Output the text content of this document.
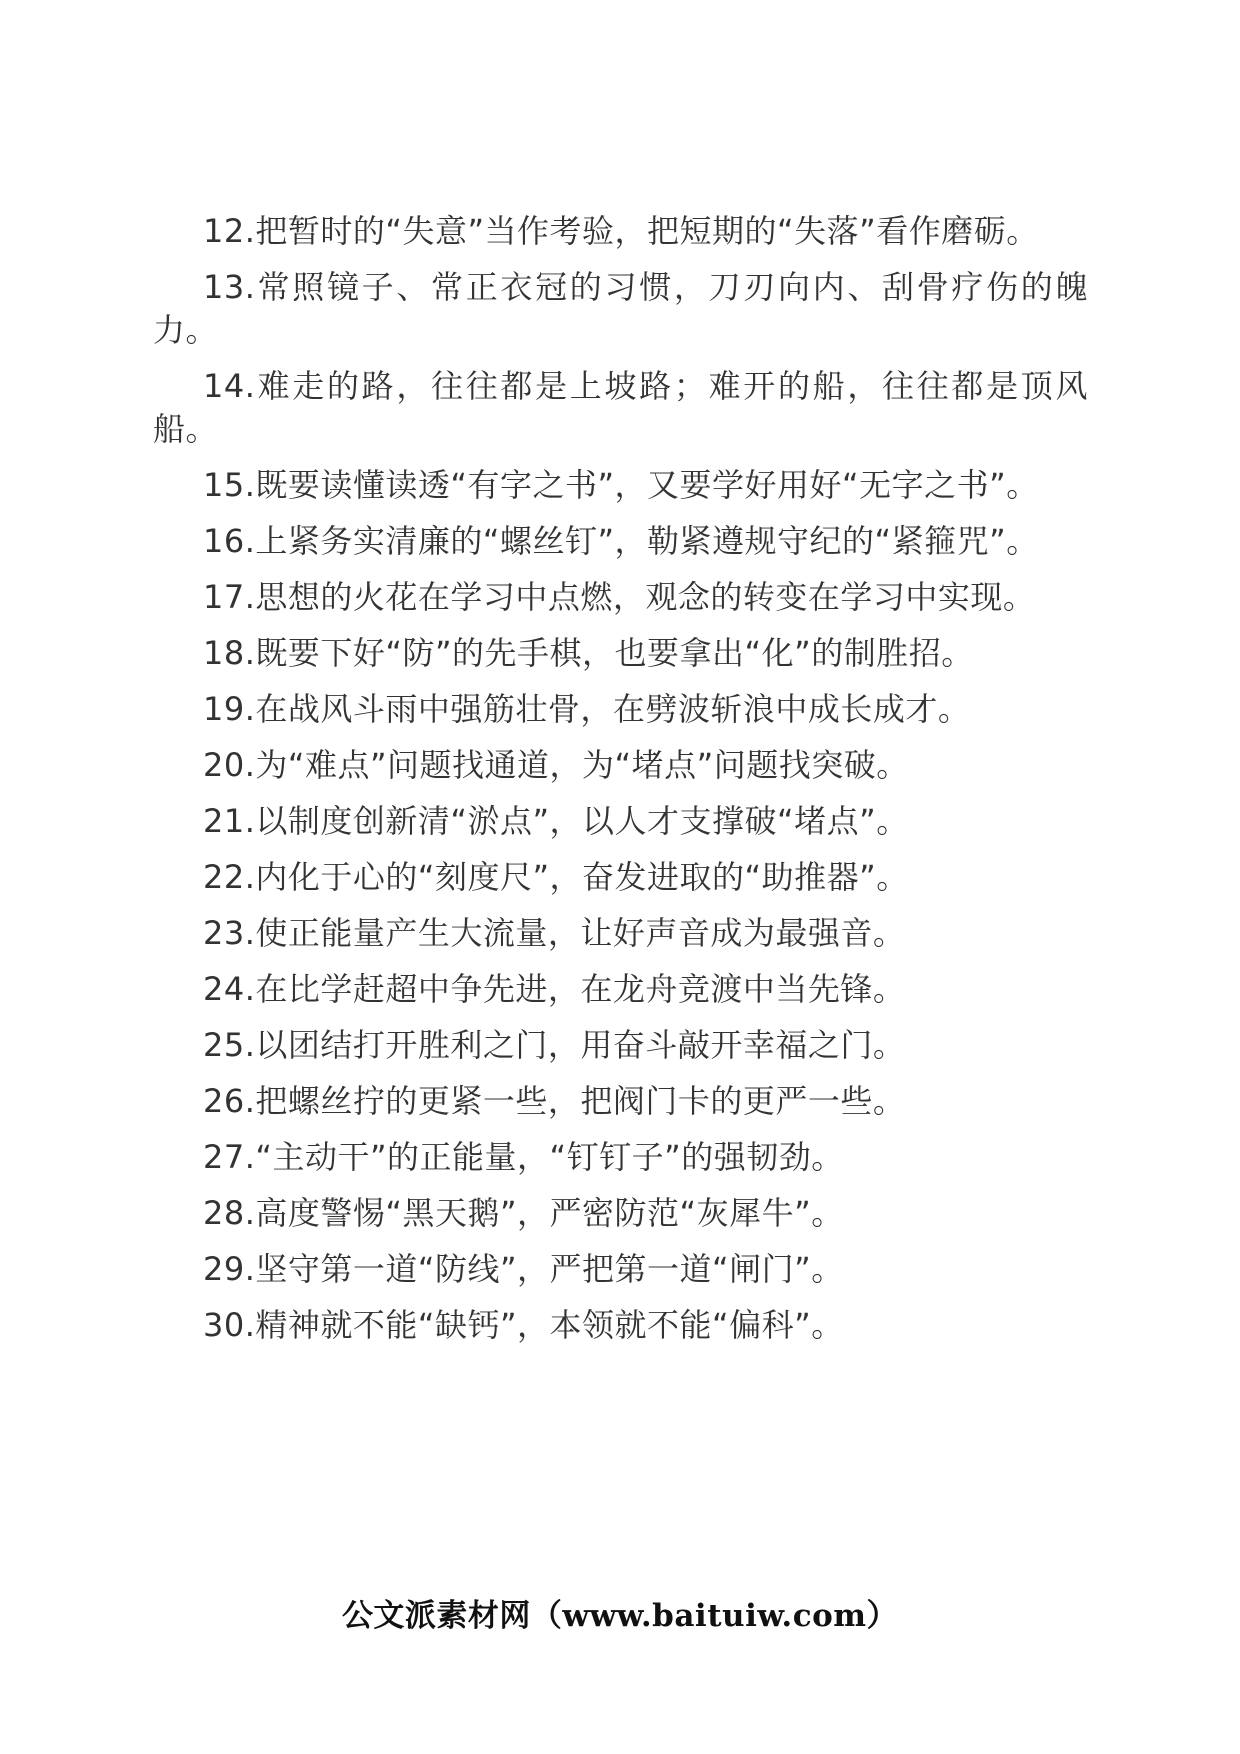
12.把暂时的“失意”当作考验，把短期的“失落”看作磨砺。

13.常照镜子、常正衣冠的习惯，刀刃向内、刮骨疗伤的魄力。

14.难走的路，往往都是上坡路；难开的船，往往都是顶风船。

15.既要读懂读透“有字之书”，又要学好用好“无字之书”。

16.上紧务实清廉的“螺丝钉”，勒紧遵规守纪的“紧箍咒”。

17.思想的火花在学习中点燃，观念的转变在学习中实现。

18.既要下好“防”的先手棋，也要拿出“化”的制胜招。

19.在战风斗雨中强筋壮骨，在劈波斩浪中成长成才。

20.为“难点”问题找通道，为“堵点”问题找突破。

21.以制度创新清“淤点”，以人才支撑破“堵点”。

22.内化于心的“刻度尺”，奋发进取的“助推器”。

23.使正能量产生大流量，让好声音成为最强音。

24.在比学赶超中争先进，在龙舟竞渡中当先锋。

25.以团结打开胜利之门，用奋斗敲开幸福之门。

26.把螺丝拧的更紧一些，把阀门卡的更严一些。

27.“主动干”的正能量，“钉钉子”的强韧劲。

28.高度警惕“黑天鹅”，严密防范“灰犀牛”。

29.坚守第一道“防线”，严把第一道“闸门”。

30.精神就不能“缺钙”，本领就不能“偏科”。

公文派素材网（www.baituiw.com）
